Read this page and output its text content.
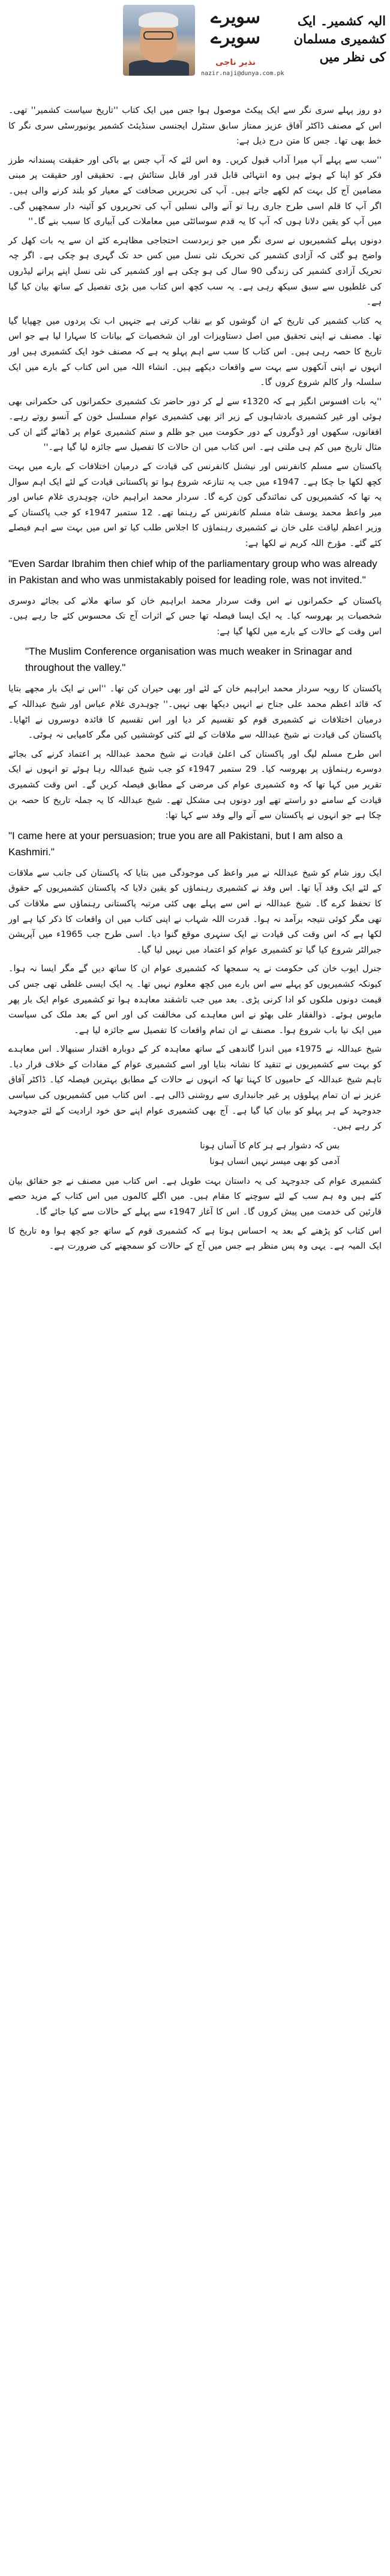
سویرے سویرے
نذیر ناجی
nazir.naji@dunya.com.pk
الیہ کشمیر۔ ایک کشمیری مسلمان کی نظر میں

دو روز پہلے سری نگر سے ایک پیکٹ موصول ہوا جس میں ایک کتاب ''تاریخ سیاست کشمیر'' تھی۔ اس کے مصنف ڈاکٹر آفاق عزیز ممتاز سابق سنٹرل ایجنسی سنڈیئٹ کشمیر یونیورسٹی سری نگر کا خط بھی تھا۔ جس کا متن درج ذیل ہے:

''سب سے پہلے آپ میرا آداب قبول کریں۔ وہ اس لئے کہ آپ جس بے باکی اور حقیقت پسندانہ طرز فکر کو اپنا کے ہوئے ہیں وہ انتہائی قابل قدر اور قابل ستائش ہے۔ تحقیقی اور حقیقت پر مبنی مضامین آج کل بہت کم لکھے جاتے ہیں۔ آپ کی تحریریں صحافت کے معیار کو بلند کرنے والی ہیں۔ اگر آپ کا قلم اسی طرح جاری رہا تو آنے والی نسلیں آپ کی تحریروں کو آئینہ دار سمجھیں گی۔ میں آپ کو یقین دلانا ہوں کہ آپ کا یہ قدم سوسائٹی میں معاملات کی آبیاری کا سبب بنے گا۔''

دونوں پہلے کشمیریوں نے سری نگر میں جو زبردست احتجاجی مظاہرے کئے ان سے یہ بات کھل کر واضح ہو گئی کہ آزادی کشمیر کی تحریک نئی نسل میں کس حد تک گہری ہو چکی ہے۔ اگر چہ تحریک آزادی کشمیر کی زندگی 90 سال کی ہو چکی ہے اور کشمیر کی نئی نسل اپنے پرانے لیڈروں کی غلطیوں سے سبق سیکھ رہی ہے۔ یہ سب کچھ اس کتاب میں بڑی تفصیل کے ساتھ بیان کیا گیا ہے۔

یہ کتاب کشمیر کی تاریخ کے ان گوشوں کو بے نقاب کرتی ہے جنہیں اب تک پردوں میں چھپایا گیا تھا۔ مصنف نے اپنی تحقیق میں اصل دستاویزات اور ان شخصیات کے بیانات کا سہارا لیا ہے جو اس تاریخ کا حصہ رہی ہیں۔ اس کتاب کا سب سے اہم پہلو یہ ہے کہ مصنف خود ایک کشمیری ہیں اور انہوں نے اپنی آنکھوں سے بہت سے واقعات دیکھے ہیں۔ انشاء اللہ میں اس کتاب کے بارے میں ایک سلسلہ وار کالم شروع کروں گا۔

''یہ بات افسوس انگیز ہے کہ 1320ء سے لے کر دور حاضر تک کشمیری حکمرانوں کی حکمرانی بھی ہوئی اور غیر کشمیری بادشاہوں کے زیر اثر بھی کشمیری عوام مسلسل خون کے آنسو روتے رہے۔ افغانوں، سکھوں اور ڈوگروں کے دور حکومت میں جو ظلم و ستم کشمیری عوام پر ڈھائے گئے ان کی مثال تاریخ میں کم ہی ملتی ہے۔ اس کتاب میں ان حالات کا تفصیل سے جائزہ لیا گیا ہے۔''

پاکستان سے مسلم کانفرنس اور نیشنل کانفرنس کی قیادت کے درمیان اختلافات کے بارے میں بہت کچھ لکھا جا چکا ہے۔ 1947ء میں جب یہ تنازعہ شروع ہوا تو پاکستانی قیادت کے لئے ایک اہم سوال یہ تھا کہ کشمیریوں کی نمائندگی کون کرے گا۔ سردار محمد ابراہیم خان، چوہدری غلام عباس اور میر واعظ محمد یوسف شاہ مسلم کانفرنس کے رہنما تھے۔ 12 ستمبر 1947ء کو جب پاکستان کے وزیر اعظم لیاقت علی خان نے کشمیری رہنماؤں کا اجلاس طلب کیا تو اس میں بہت سے اہم فیصلے کئے گئے۔ مؤرخ اللہ کریم نے لکھا ہے:

"Even Sardar Ibrahim then chief whip of the parliamentary group who was already in Pakistan and who was unmistakably poised for leading role, was not invited."

پاکستان کے حکمرانوں نے اس وقت سردار محمد ابراہیم خان کو ساتھ ملانے کی بجائے دوسری شخصیات پر بھروسہ کیا۔ یہ ایک ایسا فیصلہ تھا جس کے اثرات آج تک محسوس کئے جا رہے ہیں۔ اس وقت کے حالات کے بارے میں لکھا گیا ہے:

"The Muslim Conference organisation was much weaker in Srinagar and throughout the valley."

پاکستان کا رویہ سردار محمد ابراہیم خان کے لئے اور بھی حیران کن تھا۔ ''اس نے ایک بار مجھے بتایا کہ قائد اعظم محمد علی جناح نے انہیں دیکھا بھی نہیں۔'' چوہدری غلام عباس اور شیخ عبداللہ کے درمیان اختلافات نے کشمیری قوم کو تقسیم کر دیا اور اس تقسیم کا فائدہ دوسروں نے اٹھایا۔ پاکستان کی قیادت نے شیخ عبداللہ سے ملاقات کے لئے کئی کوششیں کیں مگر کامیابی نہ ہوئی۔

اس طرح مسلم لیگ اور پاکستان کی اعلیٰ قیادت نے شیخ محمد عبداللہ پر اعتماد کرنے کی بجائے دوسرے رہنماؤں پر بھروسہ کیا۔ 29 ستمبر 1947ء کو جب شیخ عبداللہ رہا ہوئے تو انہوں نے ایک تقریر میں کہا تھا کہ وہ کشمیری عوام کی مرضی کے مطابق فیصلہ کریں گے۔ اس وقت کشمیری قیادت کے سامنے دو راستے تھے اور دونوں ہی مشکل تھے۔ شیخ عبداللہ کا یہ جملہ تاریخ کا حصہ بن چکا ہے جو انہوں نے پاکستان سے آنے والے وفد سے کہا تھا:

"I came here at your persuasion; true you are all Pakistani, but I am also a Kashmiri."

ایک روز شام کو شیخ عبداللہ نے میر واعظ کی موجودگی میں بتایا کہ پاکستان کی جانب سے ملاقات کے لئے ایک وفد آیا تھا۔ اس وفد نے کشمیری رہنماؤں کو یقین دلایا کہ پاکستان کشمیریوں کے حقوق کا تحفظ کرے گا۔ شیخ عبداللہ نے اس سے پہلے بھی کئی مرتبہ پاکستانی رہنماؤں سے ملاقات کی تھی مگر کوئی نتیجہ برآمد نہ ہوا۔ قدرت اللہ شہاب نے اپنی کتاب میں ان واقعات کا ذکر کیا ہے اور لکھا ہے کہ اس وقت کی قیادت نے ایک سنہری موقع گنوا دیا۔ اسی طرح جب 1965ء میں آپریشن جبرالٹر شروع کیا گیا تو کشمیری عوام کو اعتماد میں نہیں لیا گیا۔

جنرل ایوب خان کی حکومت نے یہ سمجھا کہ کشمیری عوام ان کا ساتھ دیں گے مگر ایسا نہ ہوا۔ کیونکہ کشمیریوں کو پہلے سے اس بارے میں کچھ معلوم نہیں تھا۔ یہ ایک ایسی غلطی تھی جس کی قیمت دونوں ملکوں کو ادا کرنی پڑی۔ بعد میں جب تاشقند معاہدہ ہوا تو کشمیری عوام ایک بار پھر مایوس ہوئے۔ ذوالفقار علی بھٹو نے اس معاہدے کی مخالفت کی اور اس کے بعد ملک کی سیاست میں ایک نیا باب شروع ہوا۔ مصنف نے ان تمام واقعات کا تفصیل سے جائزہ لیا ہے۔

شیخ عبداللہ نے 1975ء میں اندرا گاندھی کے ساتھ معاہدہ کر کے دوبارہ اقتدار سنبھالا۔ اس معاہدے کو بہت سے کشمیریوں نے تنقید کا نشانہ بنایا اور اسے کشمیری عوام کے مفادات کے خلاف قرار دیا۔ تاہم شیخ عبداللہ کے حامیوں کا کہنا تھا کہ انہوں نے حالات کے مطابق بہترین فیصلہ کیا۔ ڈاکٹر آفاق عزیز نے ان تمام پہلوؤں پر غیر جانبداری سے روشنی ڈالی ہے۔ اس کتاب میں کشمیریوں کی سیاسی جدوجہد کے ہر پہلو کو بیان کیا گیا ہے۔ آج بھی کشمیری عوام اپنے حق خود ارادیت کے لئے جدوجہد کر رہے ہیں۔

بس کہ دشوار ہے ہر کام کا آساں ہونا
آدمی کو بھی میسر نہیں انساں ہونا

کشمیری عوام کی جدوجہد کی یہ داستان بہت طویل ہے۔ اس کتاب میں مصنف نے جو حقائق بیان کئے ہیں وہ ہم سب کے لئے سوچنے کا مقام ہیں۔ میں اگلے کالموں میں اس کتاب کے مزید حصے قارئین کی خدمت میں پیش کروں گا۔ اس کا آغاز 1947ء سے پہلے کے حالات سے کیا جائے گا۔

اس کتاب کو پڑھنے کے بعد یہ احساس ہوتا ہے کہ کشمیری قوم کے ساتھ جو کچھ ہوا وہ تاریخ کا ایک المیہ ہے۔ یہی وہ پس منظر ہے جس میں آج کے حالات کو سمجھنے کی ضرورت ہے۔
